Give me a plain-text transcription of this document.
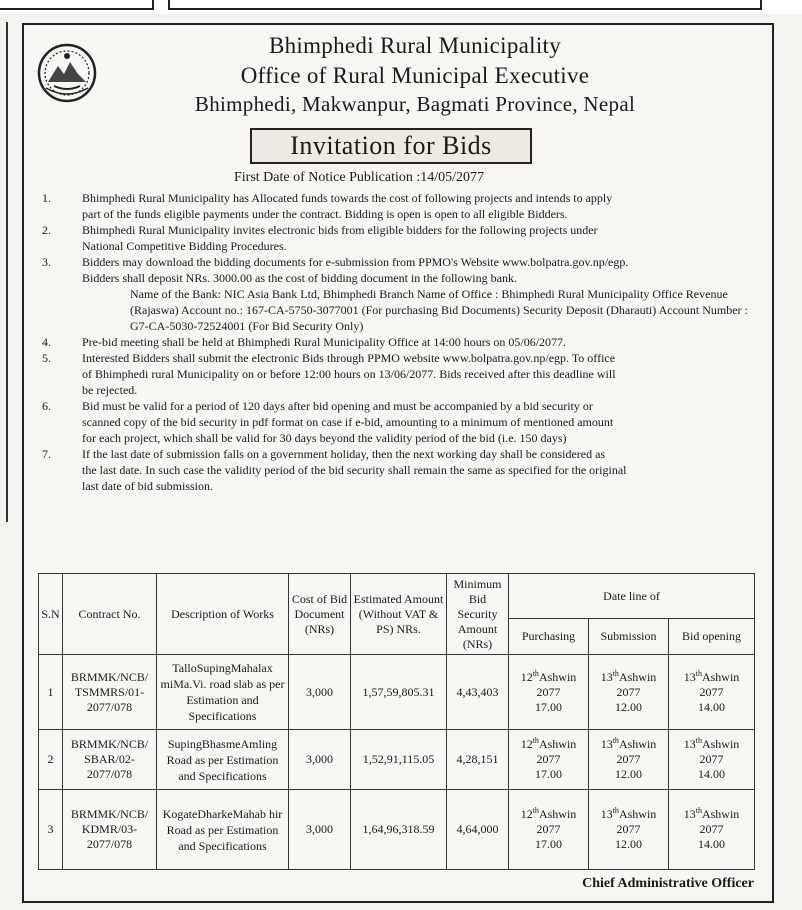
Bhimphedi Rural Municipality
Office of Rural Municipal Executive
Bhimphedi, Makwanpur, Bagmati Province, Nepal
Invitation for Bids
First Date of Notice Publication :14/05/2077
1.	Bhimphedi Rural Municipality has Allocated funds towards the cost of following projects and intends to apply
part of the funds eligible payments under the contract. Bidding is open is open to all eligible Bidders.
2.	Bhimphedi Rural Municipality invites electronic bids from eligible bidders for the following projects under
National Competitive Bidding Procedures.
3.	Bidders may download the bidding documents for e-submission from PPMO's Website www.bolpatra.gov.np/egp.
Bidders shall deposit NRs. 3000.00 as the cost of bidding document in the following bank.
Name of the Bank: NIC Asia Bank Ltd, Bhimphedi Branch Name of Office : Bhimphedi Rural Municipality Office Revenue (Rajaswa) Account no.: 167-CA-5750-3077001 (For purchasing Bid Documents) Security Deposit (Dharauti) Account Number : G7-CA-5030-72524001 (For Bid Security Only)
4.	Pre-bid meeting shall be held at Bhimphedi Rural Municipality Office at 14:00 hours on 05/06/2077.
5.	Interested Bidders shall submit the electronic Bids through PPMO website www.bolpatra.gov.np/egp. To office
of Bhimphedi rural Municipality on or before 12:00 hours on 13/06/2077. Bids received after this deadline will
be rejected.
6.	Bid must be valid for a period of 120 days after bid opening and must be accompanied by a bid security or
scanned copy of the bid security in pdf format on case if e-bid, amounting to a minimum of mentioned amount
for each project, which shall be valid for 30 days beyond the validity period of the bid (i.e. 150 days)
7.	If the last date of submission falls on a government holiday, then the next working day shall be considered as
the last date. In such case the validity period of the bid security shall remain the same as specified for the original
last date of bid submission.
S.N	Contract No.	Description of Works	Cost of Bid Document (NRs)	Estimated Amount (Without VAT & PS) NRs.	Minimum Bid Security Amount (NRs)	Date line of		
						Purchasing	Submission	Bid opening
1	BRMMK/NCB/ TSMMRS/01- 2077/078	TalloSupingMahalax miMa.Vi. road slab as per Estimation and Specifications	3,000	1,57,59,805.31	4,43,403	12thAshwin
2077
17.00	13thAshwin
2077
12.00	13thAshwin
2077
14.00
2	BRMMK/NCB/ SBAR/02- 2077/078	SupingBhasmeAmling Road as per Estimation and Specifications	3,000	1,52,91,115.05	4,28,151	12thAshwin
2077
17.00	13thAshwin
2077
12.00	13thAshwin
2077
14.00
3	BRMMK/NCB/ KDMR/03- 2077/078	KogateDharkeMahab hir Road as per Estimation and Specifications	3,000	1,64,96,318.59	4,64,000	12thAshwin
2077
17.00	13thAshwin
2077
12.00	13thAshwin
2077
14.00
Chief Administrative Officer
